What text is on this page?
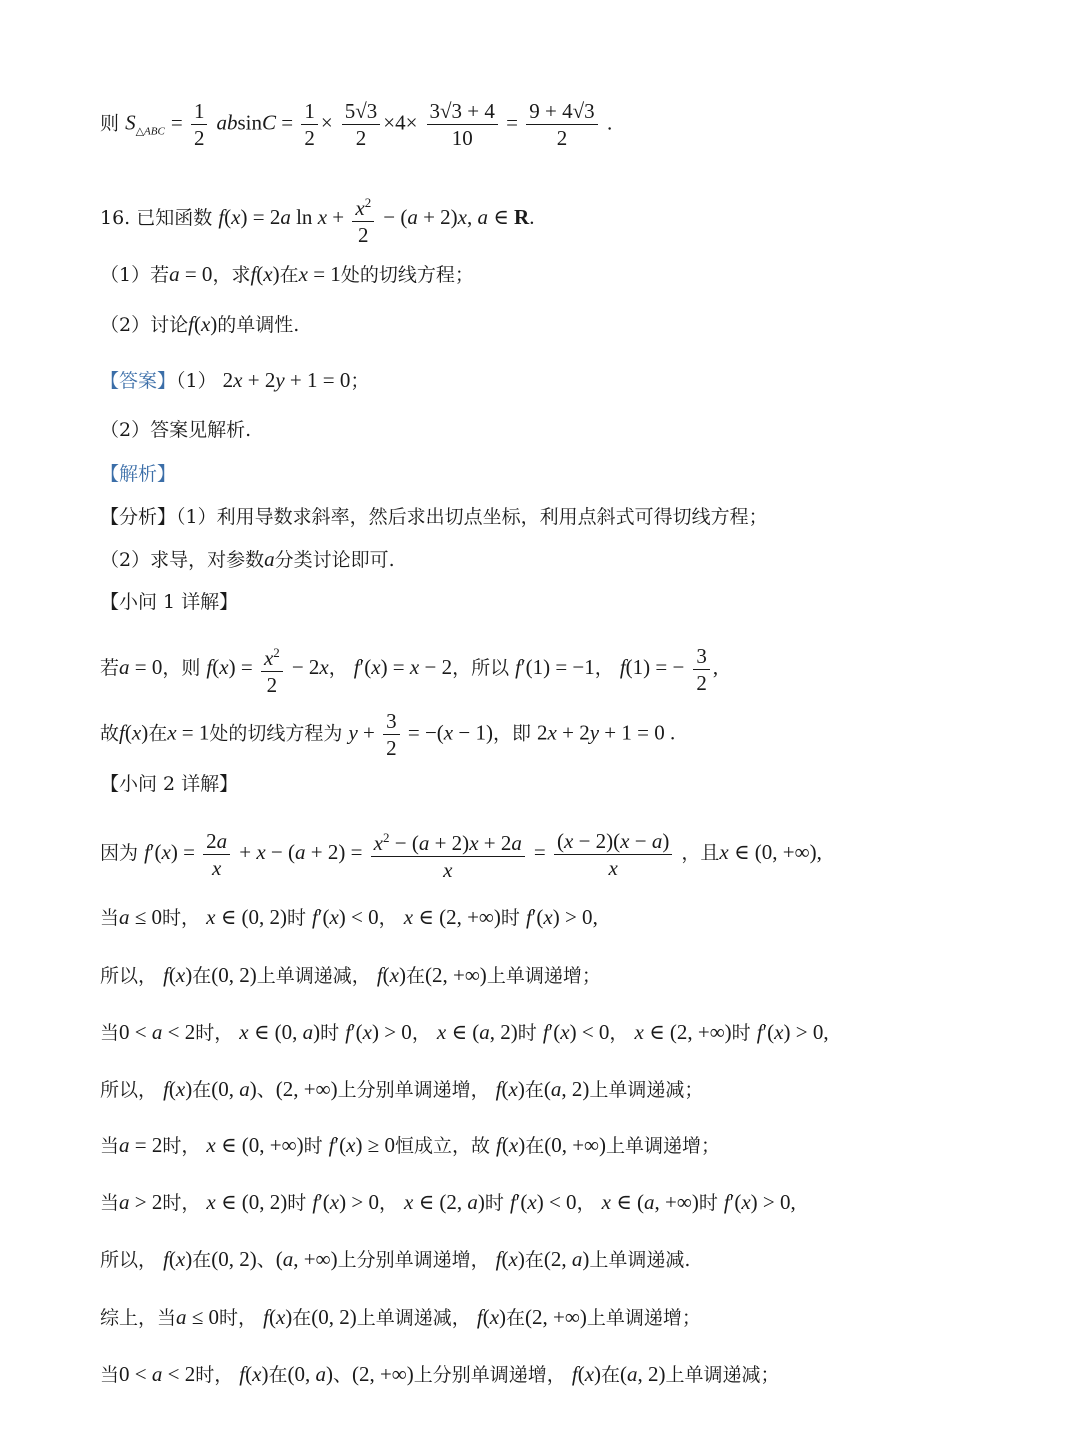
则 $S_{\triangle ABC} = \frac{1}{2}$ $absinC = \frac{1}{2} \times \frac{5√3}{2} \times 4\times \frac{3√3 + 4}{10} = \frac{9 + 4√3}{2}$ .
16. 已知函数 f(x) = 2a $\ln x + \frac{x^2}{2} - (a + 2)x$, a ∈ R.
（1）若a = 0，求f(x)在x = 1处的切线方程；
（2）讨论f(x)的单调性.
【答案】（1） 2x + 2y + 1 = 0；
（2）答案见解析.
【解析】
【分析】（1）利用导数求斜率，然后求出切点坐标，利用点斜式可得切线方程；
（2）求导，对参数a分类讨论即可.
【小问 1 详解】
若a = 0，则 $f(x) = \frac{x^2}{2} - 2x$， f′(x) = x − 2，所以 f′(1) = −1， f(1) = − $\frac{3}{2}$ ,
故f(x)在x = 1处的切线方程为 $y + \frac{3}{2} = -(x - 1)$，即 2x + 2y + 1 = 0 .
【小问 2 详解】
因为 $f'(x) = \frac{2a}{x} + x - (a + 2) = \frac{x^2 - (a + 2)x + 2a}{x} = \frac{(x - 2)(x - a)}{x}$ ，且x ∈ (0, +∞),
当a ≤ 0时， x ∈ (0, 2)时 f′(x) < 0， x ∈ (2, +∞)时 f′(x) > 0,
所以， f(x)在(0, 2)上单调递减， f(x)在(2, +∞)上单调递增；
当0 < a < 2时， x ∈ (0, a)时 f′(x) > 0， x ∈ (a, 2)时 f′(x) < 0， x ∈ (2, +∞)时 f′(x) > 0,
所以， f(x)在(0, a)、(2, +∞)上分别单调递增， f(x)在(a, 2)上单调递减；
当a = 2时， x ∈ (0, +∞)时 f′(x) ≥ 0恒成立，故 f(x)在(0, +∞)上单调递增；
当a > 2时， x ∈ (0, 2)时 f′(x) > 0， x ∈ (2, a)时 f′(x) < 0， x ∈ (a, +∞)时 f′(x) > 0,
所以， f(x)在(0, 2)、(a, +∞)上分别单调递增， f(x)在(2, a)上单调递减.
综上，当a ≤ 0时， f(x)在(0, 2)上单调递减， f(x)在(2, +∞)上单调递增；
当0 < a < 2时， f(x)在(0, a)、(2, +∞)上分别单调递增， f(x)在(a, 2)上单调递减；
